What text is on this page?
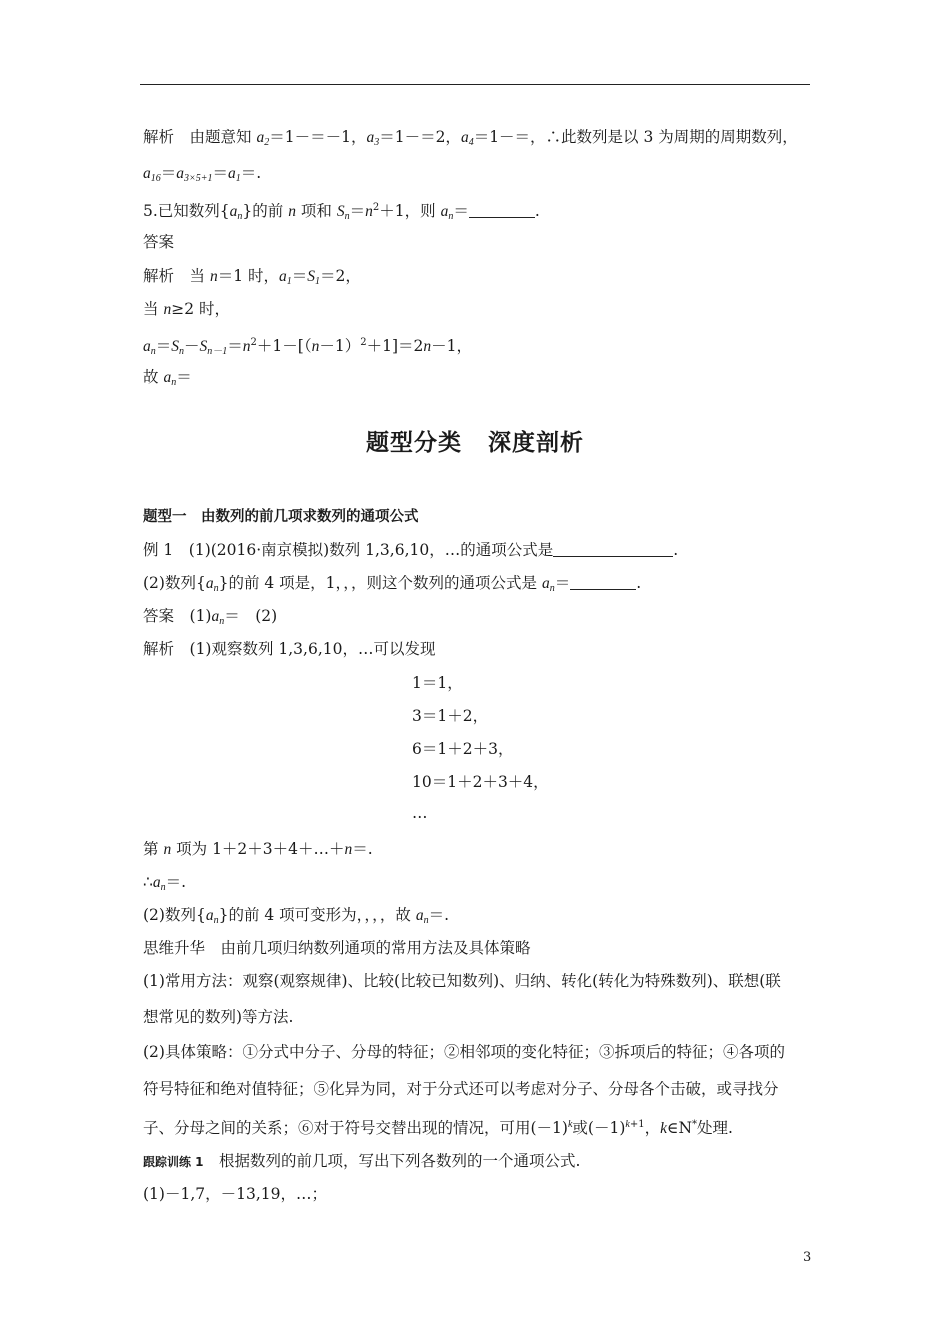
解析 由题意知 $a_2=1-=-1$，$a_3=1-=2$，$a_4=1-=$，∴此数列是以 3 为周期的周期数列，
$a_{16}=a_{3\times 5+1}=a_1=$.
5.已知数列$\{a_n\}$的前 n 项和 $S_n=n^2+1$，则 $a_n=$	.
答案
解析 当 n＝1 时，$a_1=S_1=2$，
当 n≥2 时，
$a_n=S_n-S_{n-1}=n^2+1-[(n-1)^2+1]=2n-1$，
故 $a_n=$
题型分类 深度剖析
题型一 由数列的前几项求数列的通项公式
例 1 (1)(2016·南京模拟)数列 1,3,6,10，…的通项公式是	.
(2)数列$\{a_n\}$的前 4 项是，1，，，则这个数列的通项公式是 $a_n=$	.
答案 $(1)a_n= (2)$
解析 (1)观察数列 1,3,6,10，…可以发现
1＝1，
3＝1＋2，
6＝1＋2＋3，
10＝1＋2＋3＋4，
…
第 n 项为 1＋2＋3＋4＋…＋n＝.
$\therefore a_n=$.
(2)数列$\{a_n\}$的前 4 项可变形为，，，，故 $a_n=$.
思维升华 由前几项归纳数列通项的常用方法及具体策略
(1)常用方法：观察(观察规律)、比较(比较已知数列)、归纳、转化(转化为特殊数列)、联想(联
想常见的数列)等方法.
(2)具体策略：①分式中分子、分母的特征；②相邻项的变化特征；③拆项后的特征；④各项的
符号特征和绝对值特征；⑤化异为同，对于分式还可以考虑对分子、分母各个击破，或寻找分
子、分母之间的关系；⑥对于符号交替出现的情况，可用$(-1)^k$或$(-1)^{k+1}$，k∈N*处理.
跟踪训练 1 根据数列的前几项，写出下列各数列的一个通项公式.
(1)－1,7，－13,19，…；
3
